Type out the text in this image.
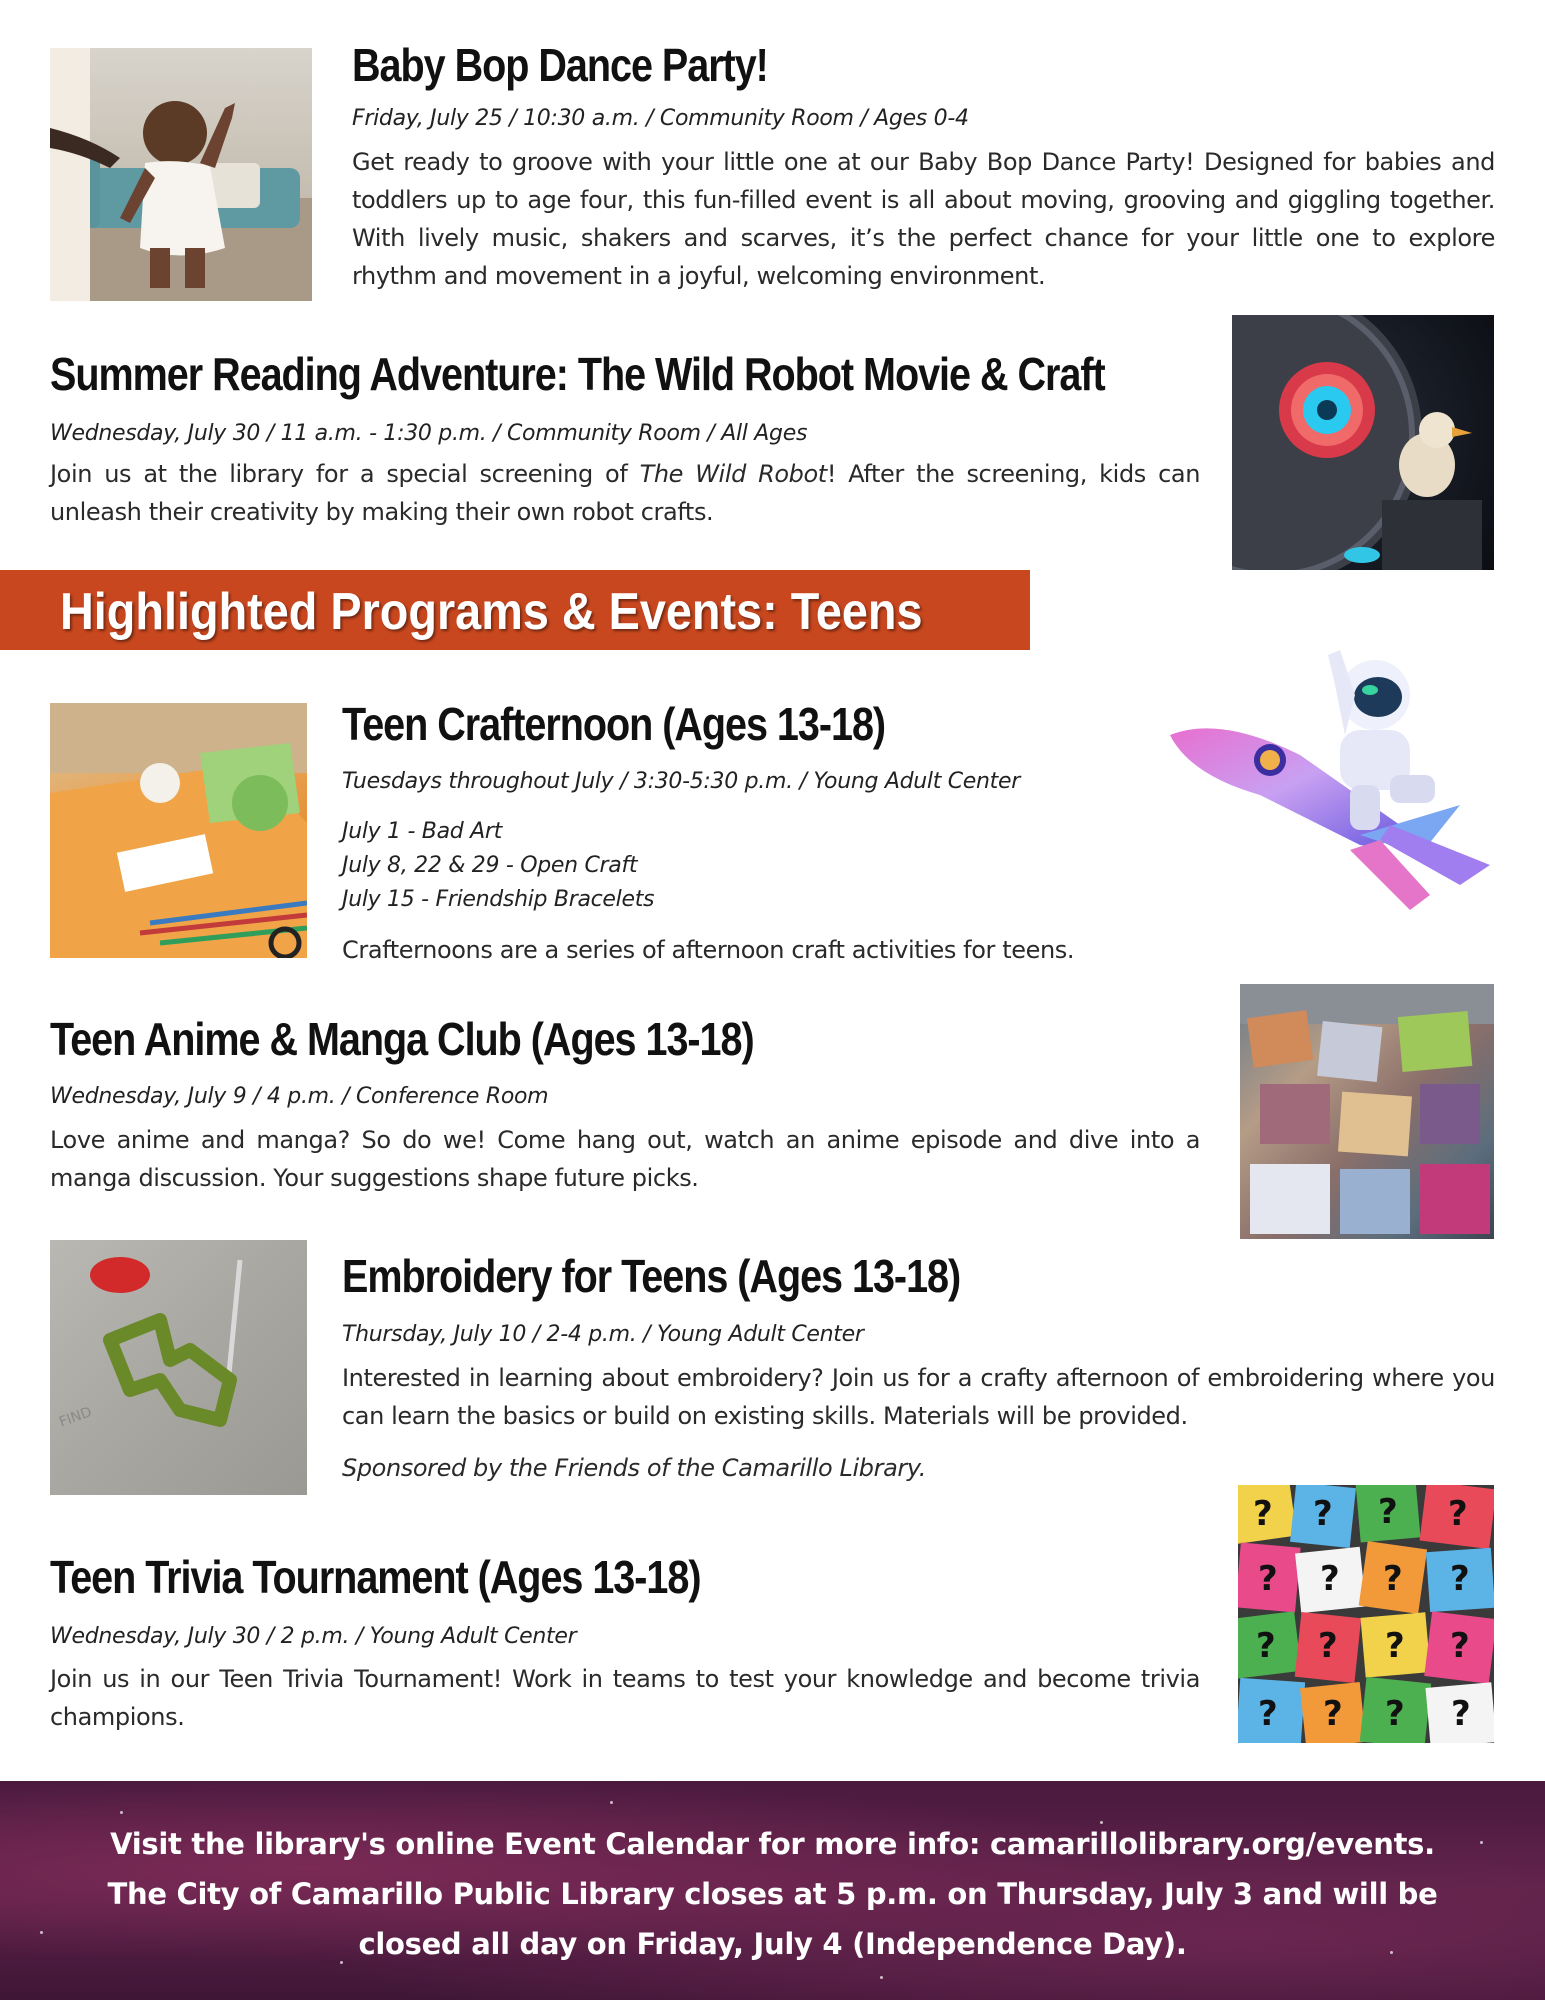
Baby Bop Dance Party!
Friday, July 25 / 10:30 a.m. / Community Room / Ages 0-4

Get ready to groove with your little one at our Baby Bop Dance Party! Designed for babies and toddlers up to age four, this fun-filled event is all about moving, grooving and giggling together. With lively music, shakers and scarves, it’s the perfect chance for your little one to explore rhythm and movement in a joyful, welcoming environment.

Summer Reading Adventure: The Wild Robot Movie & Craft
Wednesday, July 30 / 11 a.m. - 1:30 p.m. / Community Room / All Ages

Join us at the library for a special screening of The Wild Robot! After the screening, kids can unleash their creativity by making their own robot crafts.

Highlighted Programs & Events: Teens
Teen Crafternoon (Ages 13-18)
Tuesdays throughout July / 3:30-5:30 p.m. / Young Adult Center
July 1 - Bad Art
July 8, 22 & 29 - Open Craft
July 15 - Friendship Bracelets

Crafternoons are a series of afternoon craft activities for teens.

Teen Anime & Manga Club (Ages 13-18)
Wednesday, July 9 / 4 p.m. / Conference Room

Love anime and manga? So do we! Come hang out, watch an anime episode and dive into a manga discussion. Your suggestions shape future picks.

FIND
Embroidery for Teens (Ages 13-18)
Thursday, July 10 / 2-4 p.m. / Young Adult Center

Interested in learning about embroidery? Join us for a crafty afternoon of embroidering where you can learn the basics or build on existing skills. Materials will be provided.

Sponsored by the Friends of the Camarillo Library.
Teen Trivia Tournament (Ages 13-18)
Wednesday, July 30 / 2 p.m. / Young Adult Center

Join us in our Teen Trivia Tournament! Work in teams to test your knowledge and become trivia champions.

? ? ? ?
? ? ? ?
? ? ? ?
? ? ? ?
Visit the library's online Event Calendar for more info: camarillolibrary.org/events.
The City of Camarillo Public Library closes at 5 p.m. on Thursday, July 3 and will be
closed all day on Friday, July 4 (Independence Day).
